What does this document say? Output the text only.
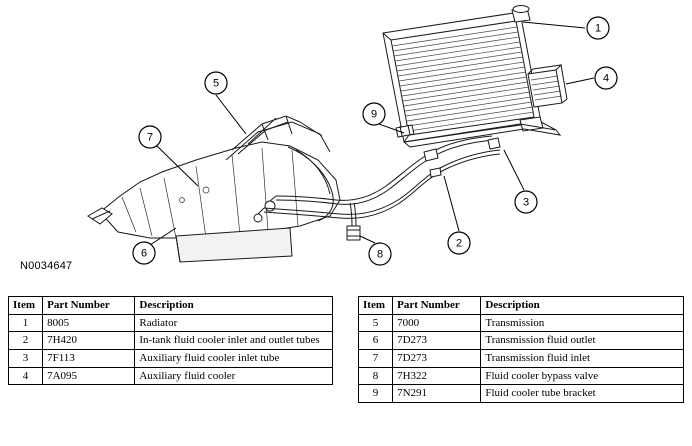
1
4
5
7
9
3
2
8
6
N0034647
Item	Part Number	Description
1	8005	Radiator
2	7H420	In-tank fluid cooler inlet and outlet tubes
3	7F113	Auxiliary fluid cooler inlet tube
4	7A095	Auxiliary fluid cooler
Item	Part Number	Description
5	7000	Transmission
6	7D273	Transmission fluid outlet
7	7D273	Transmission fluid inlet
8	7H322	Fluid cooler bypass valve
9	7N291	Fluid cooler tube bracket
